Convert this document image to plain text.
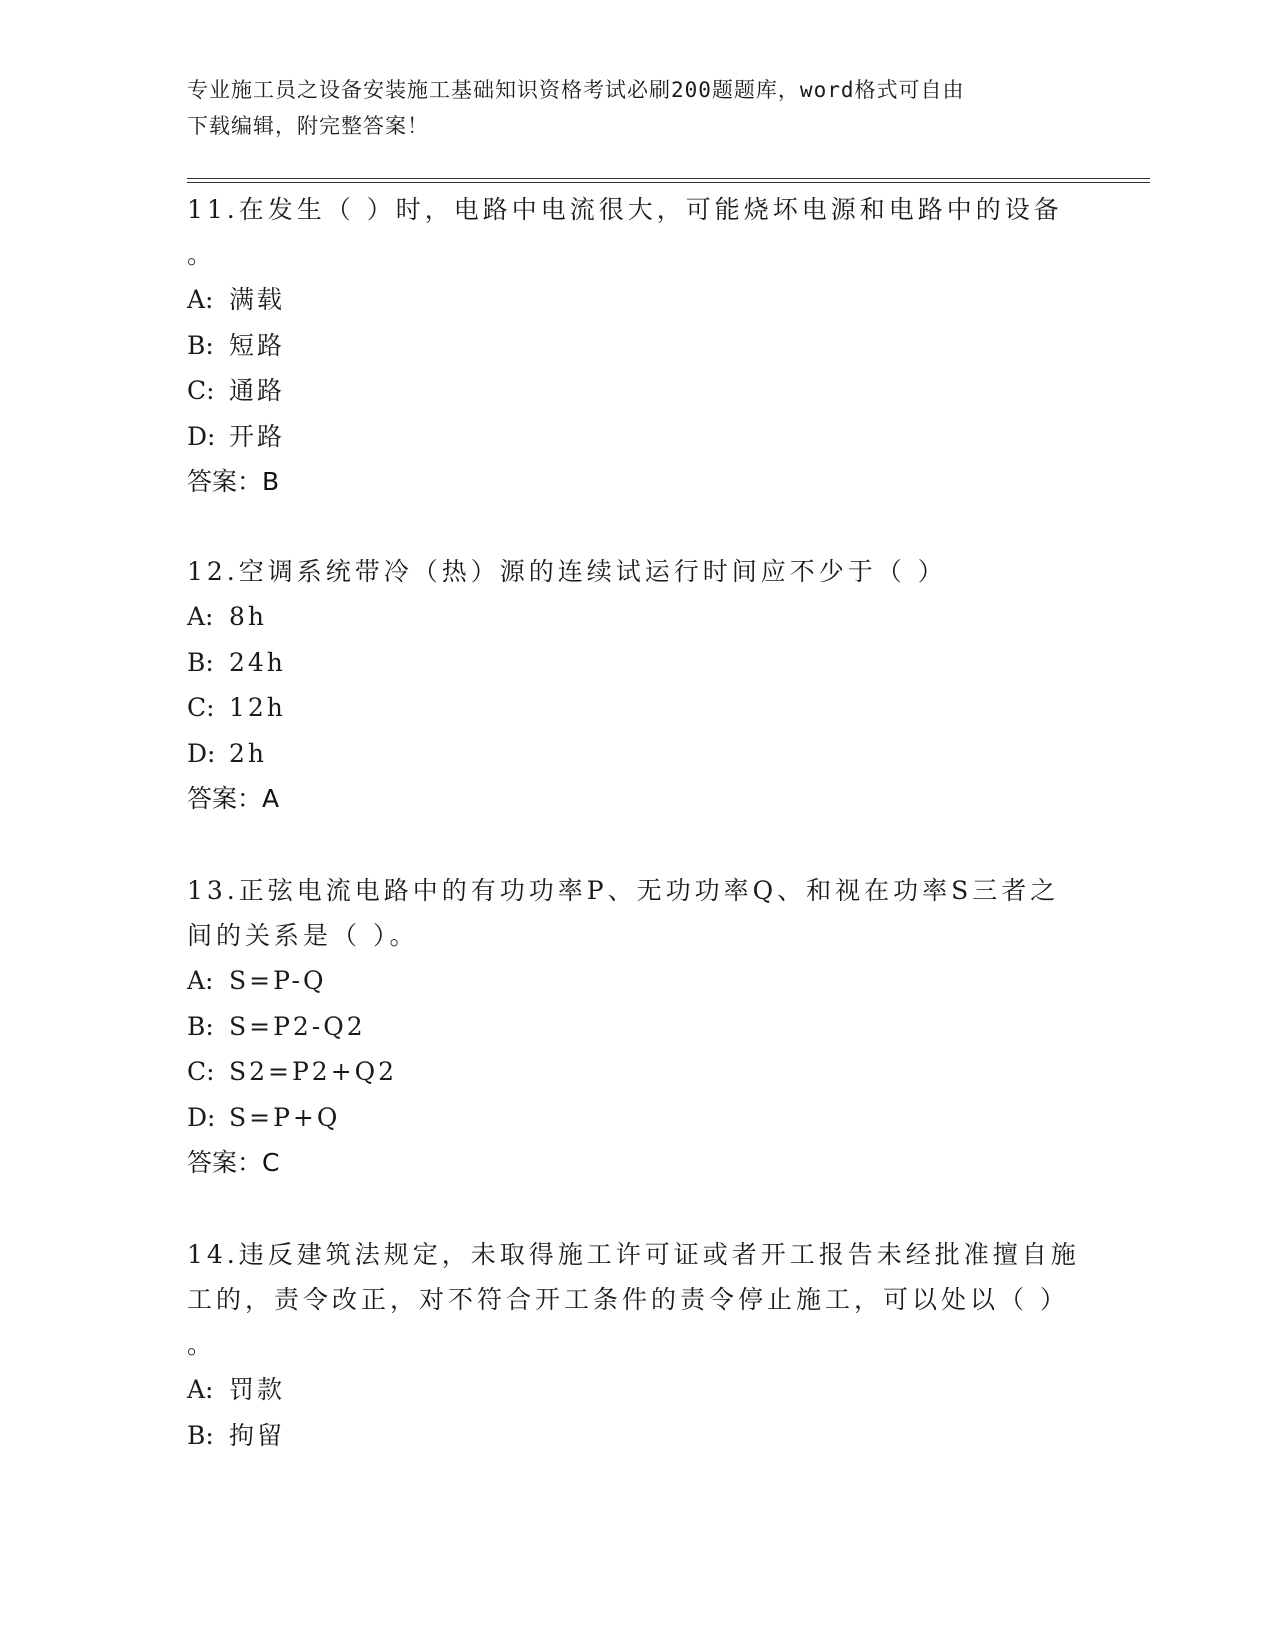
专业施工员之设备安装施工基础知识资格考试必刷200题题库，word格式可自由
下载编辑，附完整答案！
11.在发生（ ）时，电路中电流很大，可能烧坏电源和电路中的设备
。
A: 满载
B: 短路
C: 通路
D: 开路
答案：B
12.空调系统带冷（热）源的连续试运行时间应不少于（ ）
A: 8h
B: 24h
C: 12h
D: 2h
答案：A
13.正弦电流电路中的有功功率P、无功功率Q、和视在功率S三者之
间的关系是（ ）。
A: S=P-Q
B: S=P2-Q2
C: S2=P2+Q2
D: S=P+Q
答案：C
14.违反建筑法规定，未取得施工许可证或者开工报告未经批准擅自施
工的，责令改正，对不符合开工条件的责令停止施工，可以处以（ ）
。
A: 罚款
B: 拘留
